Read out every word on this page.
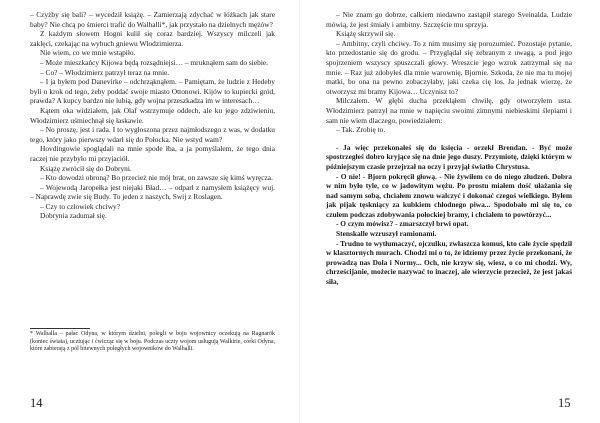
– Czyżby się bali? – wycedził książę. – Zamierzają zdychać w łóżkach jak stare baby? Nie chcą po śmierci trafić do Walhalli*, jak przystało na dzielnych mężów?

Z każdym słowem Hogni kulił się coraz bardziej. Wszyscy milczeli jak zaklęci, czekając na wybuch gniewu Włodzimierza.

Nie wiem, co we mnie wstąpiło.

– Może mieszkańcy Kijowa będą rozsądniejsi… – mruknąłem sam do siebie.

– Co? – Włodzimierz patrzył teraz na mnie.

– I ja byłem pod Danevirke – odchrząknąłem. – Pamiętam, że ludzie z Hedeby byli o krok od tego, żeby poddać swoje miasto Ottonowi. Kijów to kupiecki gród, prawda? A kupcy bardzo nie lubią, gdy wojna przeszkadza im w interesach…

Kątem oka widziałem, jak Olaf wstrzymuje oddech, ale ku jego zdziwieniu, Włodzimierz uśmiechnął się łaskawie.

– No proszę, jest i rada. I to wygłoszona przez najmłodszego z was, w dodatku tego, który jako pierwszy wdarł się do Połocka. Nie wstyd wam?

Hovdingowie spoglądali na mnie spode łba, a ja pomyślałem, że tego dnia raczej nie przybyło mi przyjaciół.

Książę zwrócił się do Dobryni.

– Kto dowodzi obroną? Bo przecież nie mój brat, on zawsze się kimś wyręcza.

– Wojewodą Jaropełka jest niejaki Bład… – odparł z namysłem książęcy wuj. – Naprawdę zwie się Budy. To jeden z naszych, Swij z Roslagen.

– Czy to człowiek chciwy?

Dobrynia zadumał się.

* Walhalla – pałac Odyna, w którym dzielni, polegli w boju wojownicy oczekują na Ragnarök (koniec świata), ucztując i ćwicząc się w boju. Podczas uczty wojom usługują Walkirie, córki Odyna, które zabierają z pól bitewnych poległych wojowników do Walhalli.

14

– Nie znam go dobrze, całkiem niedawno zastąpił starego Sveinalda. Ludzie mówią, że jest śmiały i ambitny. Szczęście mu sprzyja.

Książę skrzywił się.

– Ambitny, czyli chciwy. To z nim musimy się porozumieć. Pozostaje pytanie, kto przedostanie się do grodu. – Przyglądał się zebranym z uwagą, a pod jego spojrzeniem wszyscy spuszczali głowy. Wreszcie jego wzrok zatrzymał się na mnie. – Raz już zdobyłeś dla mnie warownię, Bjornie. Szkoda, że nie ma tu mojej matki, bo ona na pewno zobaczyłaby, jaki czeka cię los. Ja jednak wierzę, że otworzysz mi bramy Kijowa… Uczynisz to?

Milczałem. W głębi ducha przekląłem chwilę, gdy otworzyłem usta. Włodzimierz patrzył na mnie w napięciu swoimi zimnymi niebieskimi ślepiami i sam nie wiem dlaczego, powiedziałem:

– Tak. Zrobię to.

- Ja więc przekonałeś się do księcia - orzekł Brendan. - Być może spostrzegłeś dobro kryjące się na dnie jego duszy. Przymiotę, dzięki którym w późniejszym czasie przejrzał na oczy i przyjął światło Chrystusa.

- O nie! - Bjorn pokręcił głową. - Nie żywiłem co do niego złudzeń. Dobra w nim było tyle, co w jadowitym wężu. Po prostu miałem dość ułażania się nad samym sobą, chciałem znowu walczyć i dokonać czegoś wielkiego. Byłem jak pijak tęskniący za kubkiem chłodnego piwa... Spodobało mi się to, co czułem podczas zdobywania połockiej bramy, i chciałem to powtórzyć...

- O czym mówisz? - zmarszczył brwi opat.

Stenskalle wzruszył ramionami.

- Trudno to wytłumaczyć, ojczulku, zwłaszcza komuś, kto całe życie spędził w klasztornych murach. Chodzi mi o to, że idziemy przez życie przekonani, że prowadzą nas Dola i Normy... Och, nie krzyw się, wiesz, o co mi chodzi. Wy, chrześcijanie, możecie nazywać to inaczej, ale wierzycie przecież, że jest jakaś siła,

15
